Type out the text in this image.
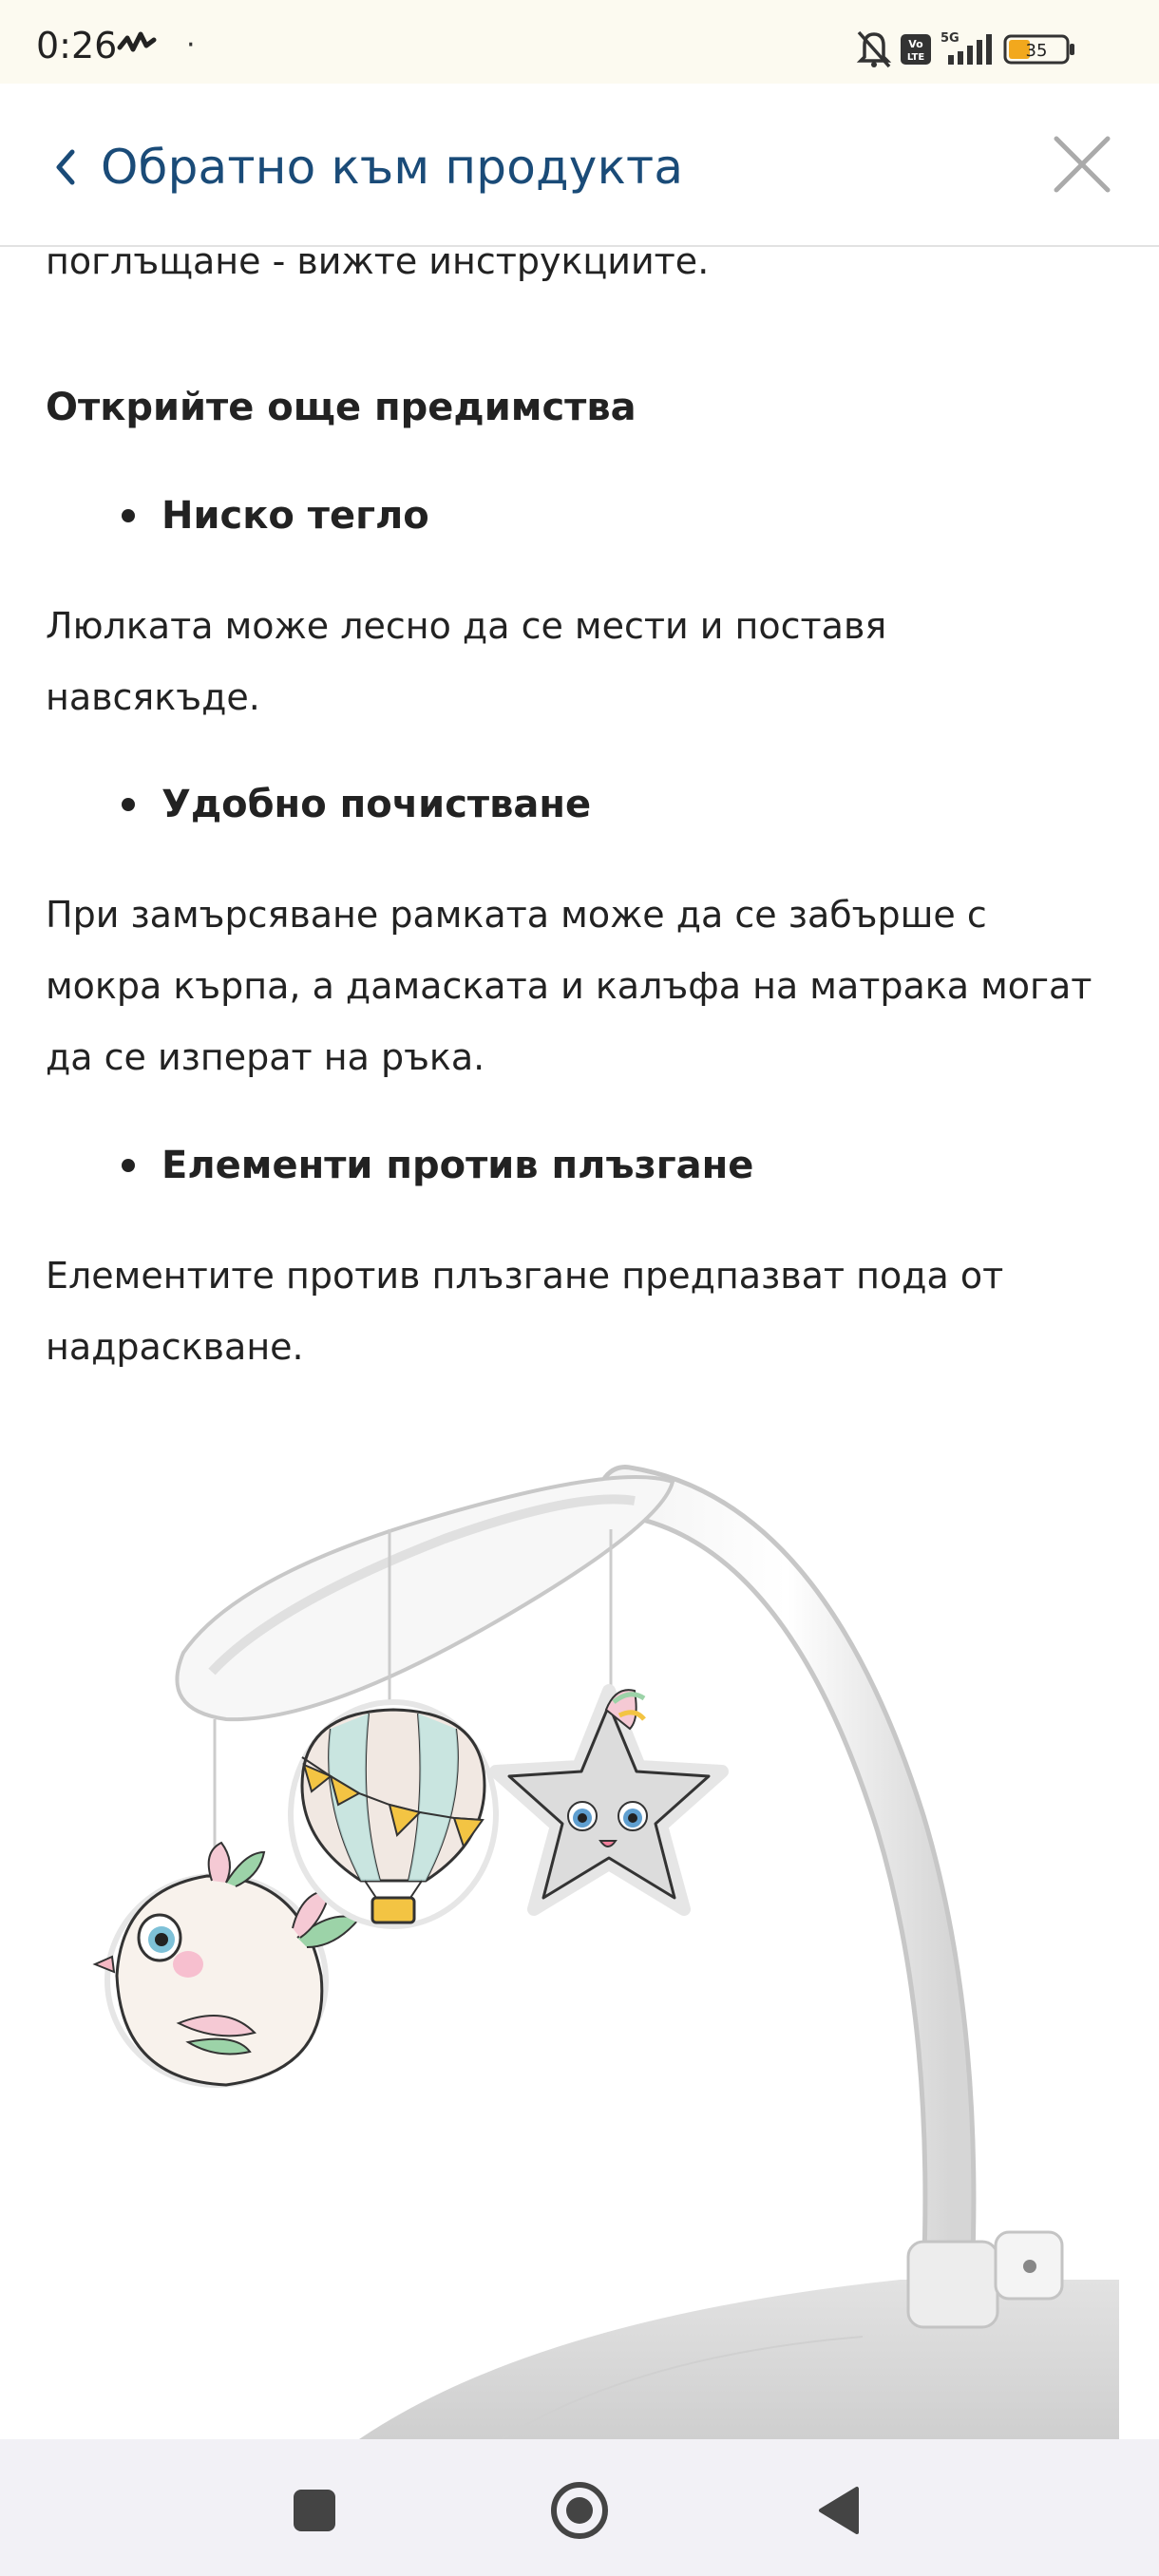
0:26 ·	Vo
LTE
5G
35
Обратно към продукта

поглъщане - вижте инструкциите.

Открийте още предимства

Ниско тегло

Люлката може лесно да се мести и поставя
навсякъде.

Удобно почистване

При замърсяване рамката може да се забърше с
мокра кърпа, а дамаската и калъфа на матрака могат
да се изперат на ръка.

Елементи против плъзгане

Елементите против плъзгане предпазват пода от
надраскване.
